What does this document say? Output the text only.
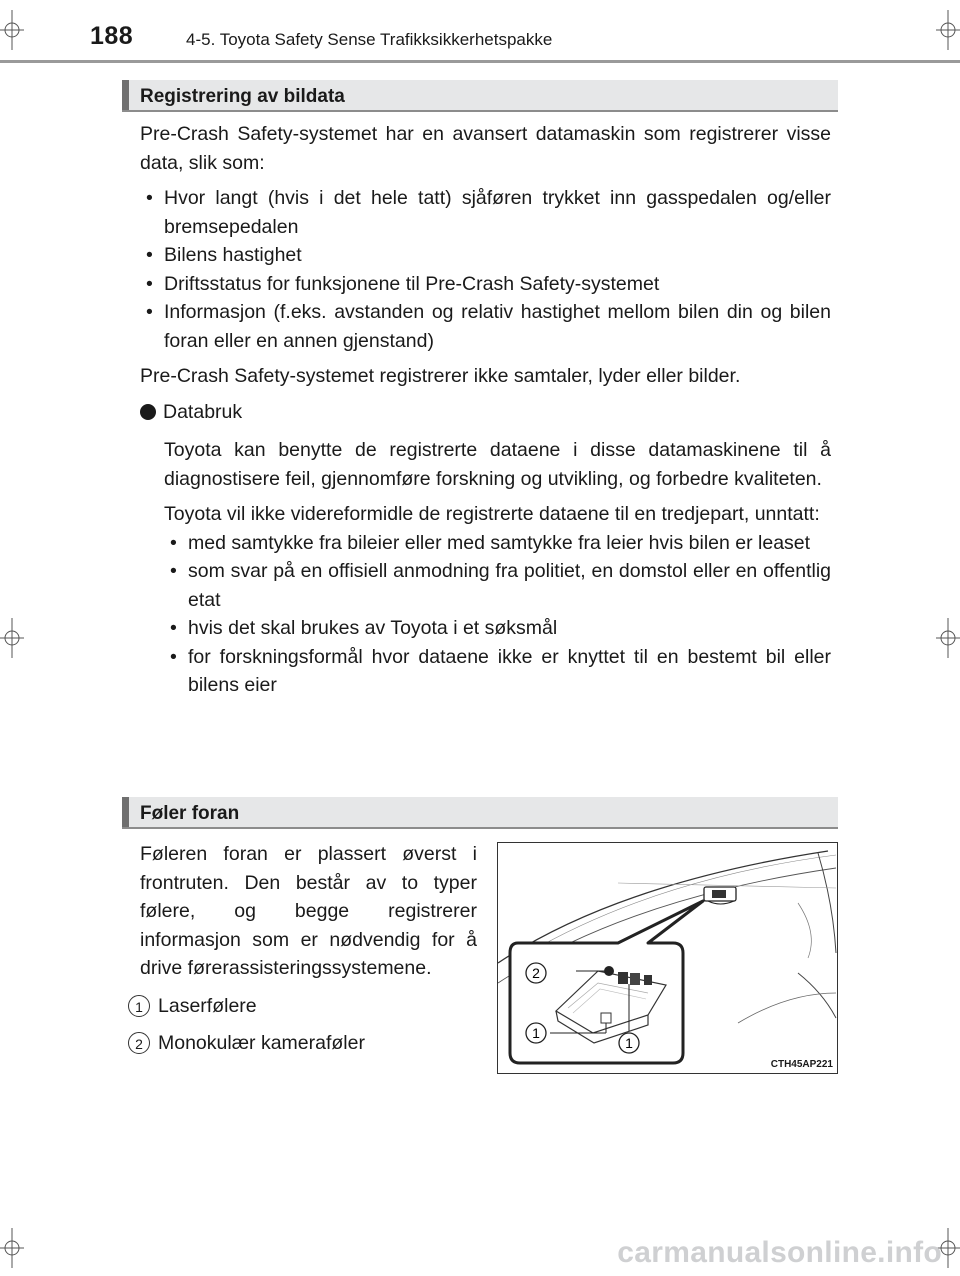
188	4-5. Toyota Safety Sense Trafikksikkerhetspakke
Registrering av bildata

Pre-Crash Safety-systemet har en avansert datamaskin som registrerer visse data, slik som:

• Hvor langt (hvis i det hele tatt) sjåføren trykket inn gasspedalen og/eller bremsepedalen
• Bilens hastighet
• Driftsstatus for funksjonene til Pre-Crash Safety-systemet
• Informasjon (f.eks. avstanden og relativ hastighet mellom bilen din og bilen foran eller en annen gjenstand)

Pre-Crash Safety-systemet registrerer ikke samtaler, lyder eller bilder.

Databruk

Toyota kan benytte de registrerte dataene i disse datamaskinene til å diagnostisere feil, gjennomføre forskning og utvikling, og forbedre kvaliteten.

Toyota vil ikke videreformidle de registrerte dataene til en tredjepart, unntatt:

• med samtykke fra bileier eller med samtykke fra leier hvis bilen er leaset
• som svar på en offisiell anmodning fra politiet, en domstol eller en offentlig etat
• hvis det skal brukes av Toyota i et søksmål
• for forskningsformål hvor dataene ikke er knyttet til en bestemt bil eller bilens eier
Føler foran

Føleren foran er plassert øverst i frontruten. Den består av to typer følere, og begge registrerer informasjon som er nødvendig for å drive førerassisteringssystemene.

1 Laserfølere
2 Monokulær kameraføler
2
1
1
CTH45AP221
carmanualsonline.info
